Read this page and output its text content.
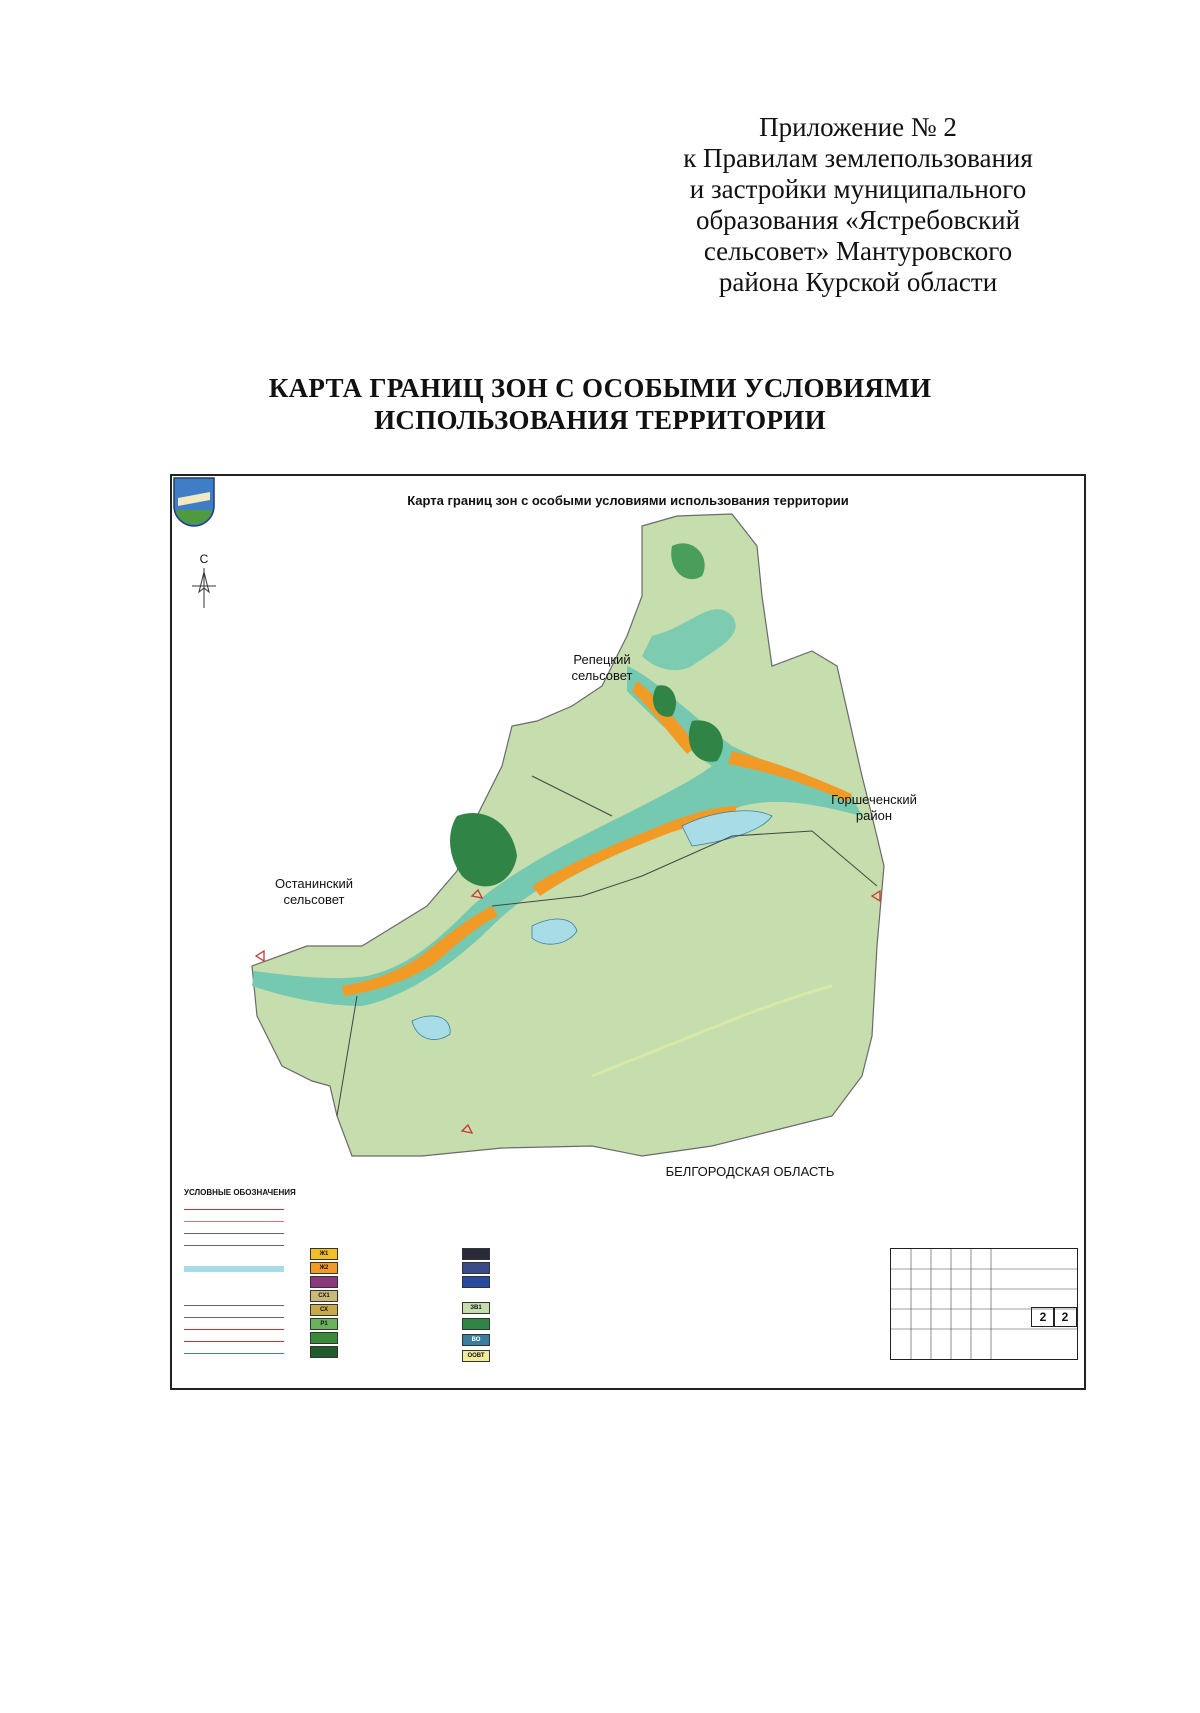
Приложение № 2
к Правилам землепользования
и застройки муниципального
образования «Ястребовский
сельсовет» Мантуровского
района Курской области
КАРТА ГРАНИЦ ЗОН С ОСОБЫМИ УСЛОВИЯМИ
ИСПОЛЬЗОВАНИЯ ТЕРРИТОРИИ
Карта границ зон с особыми условиями использования территории
С
Репецкий
сельсовет
Горшеченский
район
Останинский
сельсовет
БЕЛГОРОДСКАЯ ОБЛАСТЬ
УСЛОВНЫЕ ОБОЗНАЧЕНИЯ
Ж1
Ж2
СХ1
СХ
Р1
ЗВ1
ВО
ООВТ
2	2
